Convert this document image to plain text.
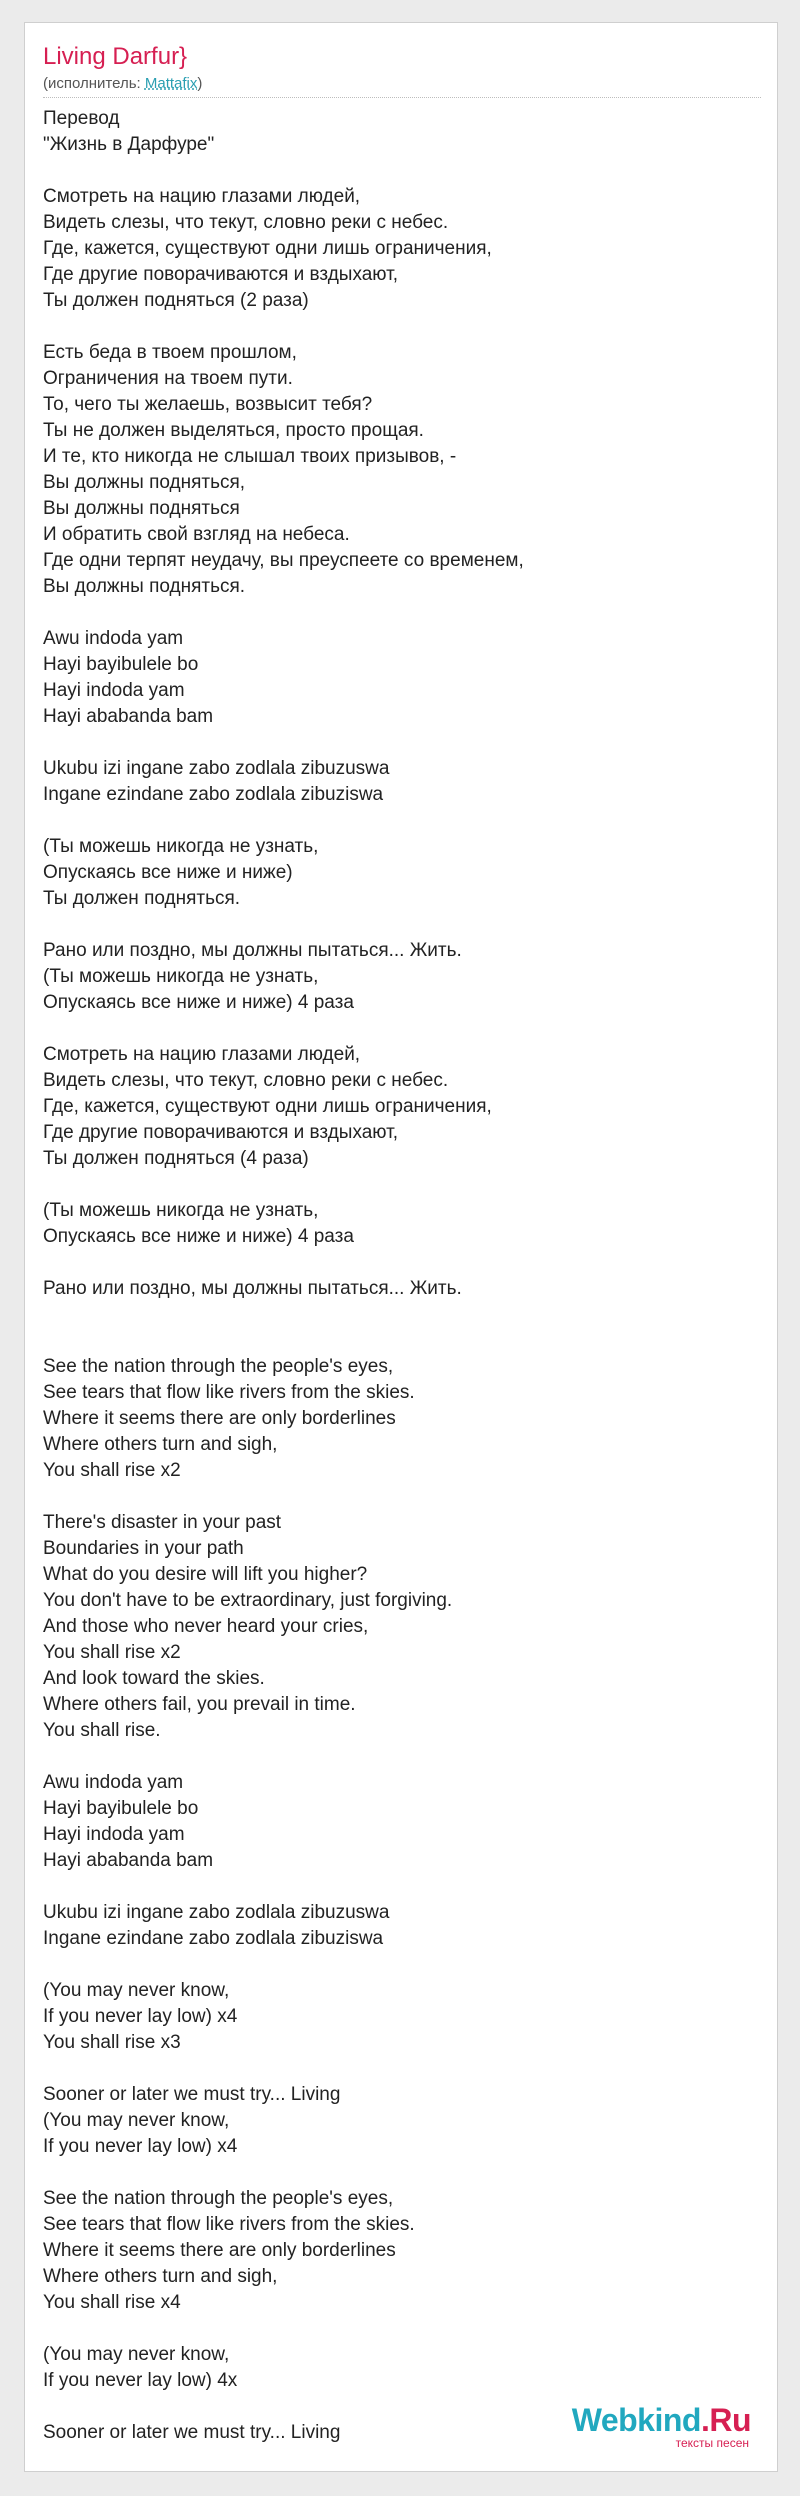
Living Darfur}
(исполнитель: Mattafix)
Перевод
"Жизнь в Дарфуре"

Смотреть на нацию глазами людей,
Видеть слезы, что текут, словно реки с небес.
Где, кажется, существуют одни лишь ограничения,
Где другие поворачиваются и вздыхают,
Ты должен подняться (2 раза)

Есть беда в твоем прошлом,
Ограничения на твоем пути.
То, чего ты желаешь, возвысит тебя?
Ты не должен выделяться, просто прощая.
И те, кто никогда не слышал твоих призывов, -
Вы должны подняться,
Вы должны подняться
И обратить свой взгляд на небеса.
Где одни терпят неудачу, вы преуспеете со временем,
Вы должны подняться.

Awu indoda yam
Hayi bayibulele bo
Hayi indoda yam
Hayi ababanda bam

Ukubu izi ingane zabo zodlala zibuzuswa
Ingane ezindane zabo zodlala zibuziswa

(Ты можешь никогда не узнать,
Опускаясь все ниже и ниже)
Ты должен подняться.

Рано или поздно, мы должны пытаться... Жить.
(Ты можешь никогда не узнать,
Опускаясь все ниже и ниже) 4 раза

Смотреть на нацию глазами людей,
Видеть слезы, что текут, словно реки с небес.
Где, кажется, существуют одни лишь ограничения,
Где другие поворачиваются и вздыхают,
Ты должен подняться (4 раза)

(Ты можешь никогда не узнать,
Опускаясь все ниже и ниже) 4 раза

Рано или поздно, мы должны пытаться... Жить.

See the nation through the people's eyes,
See tears that flow like rivers from the skies.
Where it seems there are only borderlines
Where others turn and sigh,
You shall rise x2

There's disaster in your past
Boundaries in your path
What do you desire will lift you higher?
You don't have to be extraordinary, just forgiving.
And those who never heard your cries,
You shall rise x2
And look toward the skies.
Where others fail, you prevail in time.
You shall rise.

Awu indoda yam
Hayi bayibulele bo
Hayi indoda yam
Hayi ababanda bam

Ukubu izi ingane zabo zodlala zibuzuswa
Ingane ezindane zabo zodlala zibuziswa

(You may never know,
If you never lay low) x4
You shall rise x3

Sooner or later we must try... Living
(You may never know,
If you never lay low) x4

See the nation through the people's eyes,
See tears that flow like rivers from the skies.
Where it seems there are only borderlines
Where others turn and sigh,
You shall rise x4

(You may never know,
If you never lay low) 4x

Sooner or later we must try... Living	Webkind.Ru
тексты песен
